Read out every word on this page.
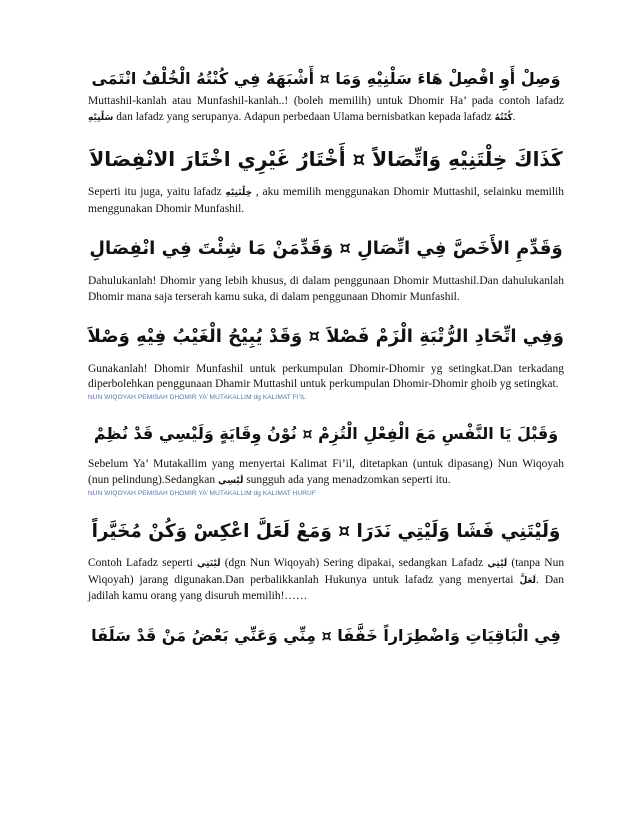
وَصِلْ أَوِ افْصِلْ هَاءَ سَلْنِيْهِ وَمَا ¤ أَشْبَهَهُ فِي كُنْتُهُ الْخُلْفُ انْتَمَى

Muttashil-kanlah atau Munfashil-kanlah..! (boleh memilih) untuk Dhomir Ha’ pada contoh lafadz سَلْنِيْهِ dan lafadz yang serupanya. Adapun perbedaan Ulama bernisbatkan kepada lafadz كُنْتُهُ.

كَذَاكَ خِلْتَنِيْهِ وَاتِّصَالاً ¤ أَخْتَارُ غَيْرِي اخْتَارَ الانْفِصَالاَ

Seperti itu juga, yaitu lafadz خِلْتَنِيْهِ , aku memilih menggunakan Dhomir Muttashil, selainku memilih menggunakan Dhomir Munfashil.

وَقَدِّمِ الأَخَصَّ فِي اتِّصَالِ ¤ وَقَدِّمَنْ مَا شِئْتَ فِي انْفِصَالِ

Dahulukanlah! Dhomir yang lebih khusus, di dalam penggunaan Dhomir Muttashil.Dan dahulukanlah Dhomir mana saja terserah kamu suka, di dalam penggunaan Dhomir Munfashil.

وَفِي اتِّحَادِ الرُّتْبَةِ الْزَمْ فَصْلاَ ¤ وَقَدْ يُبِيْحُ الْغَيْبُ فِيْهِ وَصْلاَ

Gunakanlah! Dhomir Munfashil untuk perkumpulan Dhomir-Dhomir yg setingkat.Dan terkadang diperbolehkan penggunaan Dhamir Muttashil untuk perkumpulan Dhomir-Dhomir ghoib yg setingkat.

NUN WIQOYAH PEMISAH DHOMIR YA’ MUTAKALLIM dg KALIMAT FI’IL

وَقَبْلَ يَا النَّفْسِ مَعَ الْفِعْلِ الْتُزِمْ ¤ نُوْنُ وِقَايَةٍ وَلَيْسِي قَدْ نُظِمْ

Sebelum Ya’ Mutakallim yang menyertai Kalimat Fi’il, ditetapkan (untuk dipasang) Nun Wiqoyah (nun pelindung).Sedangkan لَيْسِي sungguh ada yang menadzomkan seperti itu.

NUN WIQOYAH PEMISAH DHOMIR YA’ MUTAKALLIM dg KALIMAT HURUF

وَلَيْتَنِي فَشَا وَلَيْتِي نَدَرَا ¤ وَمَعْ لَعَلَّ اعْكِسْ وَكُنْ مُخَيَّراً

Contoh Lafadz seperti لَيْتَنِي (dgn Nun Wiqoyah) Sering dipakai, sedangkan Lafadz لَيْتِي (tanpa Nun Wiqoyah) jarang digunakan.Dan perbalikkanlah Hukunya untuk lafadz yang menyertai لَعَلَّ. Dan jadilah kamu orang yang disuruh memilih!……

فِي الْبَاقِيَاتِ وَاضْطِرَاراً خَفَّفَا ¤ مِنِّي وَعَنِّي بَعْضُ مَنْ قَدْ سَلَفَا
